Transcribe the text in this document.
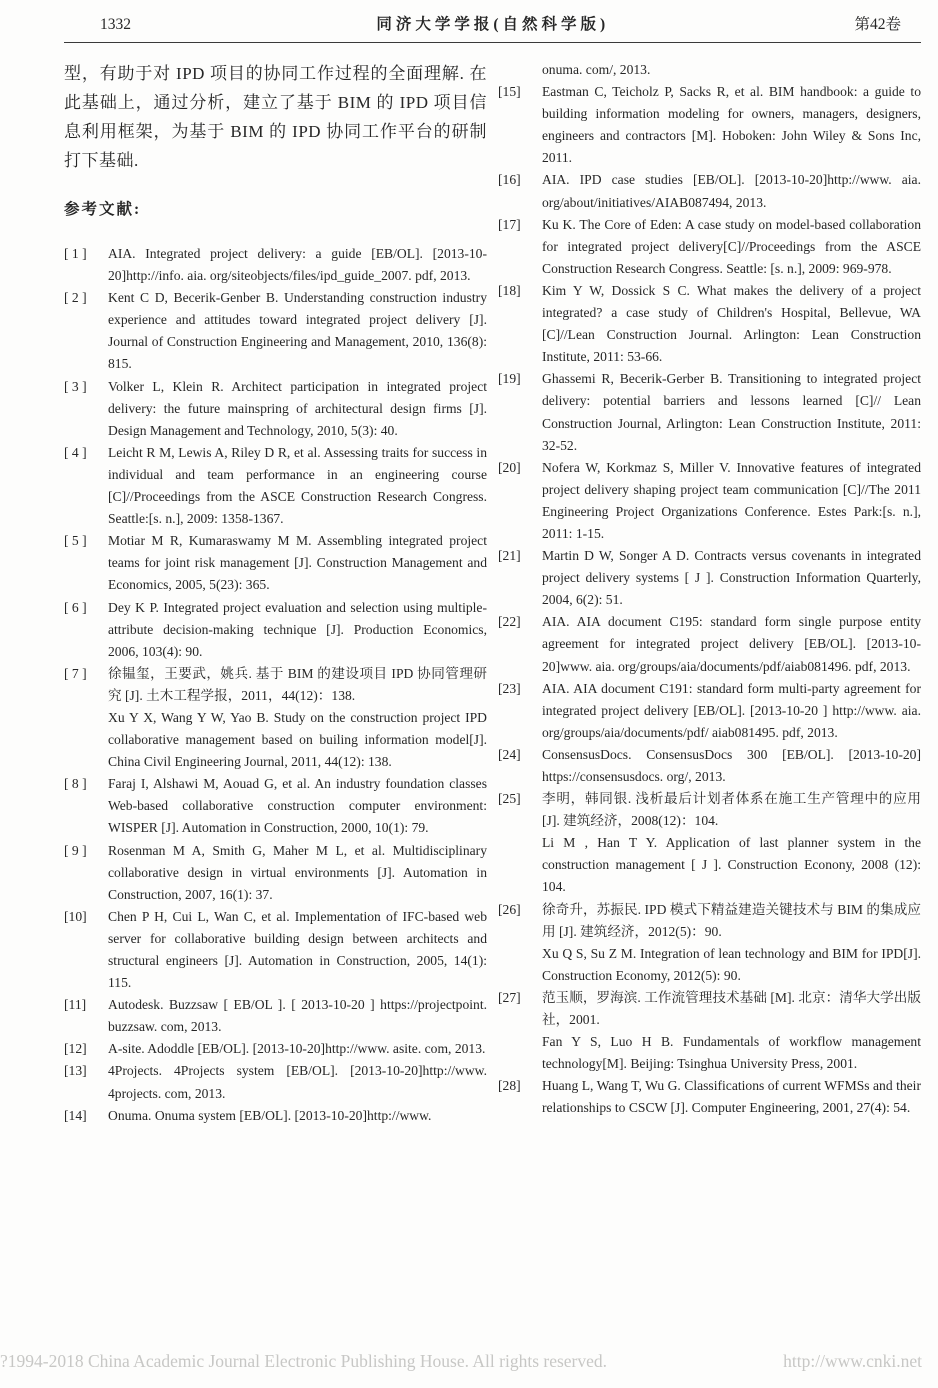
1332	同济大学学报(自然科学版)	第42卷

型，有助于对 IPD 项目的协同工作过程的全面理解. 在此基础上，通过分析，建立了基于 BIM 的 IPD 项目信息利用框架，为基于 BIM 的 IPD 协同工作平台的研制打下基础.

参考文献:
[ 1 ] AIA. Integrated project delivery: a guide [EB/OL]. [2013-10-20]http://info. aia. org/siteobjects/files/ipd_guide_2007. pdf, 2013.

[ 2 ] Kent C D, Becerik-Genber B. Understanding construction industry experience and attitudes toward integrated project delivery [J]. Journal of Construction Engineering and Management, 2010, 136(8): 815.

[ 3 ] Volker L, Klein R. Architect participation in integrated project delivery: the future mainspring of architectural design firms [J]. Design Management and Technology, 2010, 5(3): 40.

[ 4 ] Leicht R M, Lewis A, Riley D R, et al. Assessing traits for success in individual and team performance in an engineering course [C]//Proceedings from the ASCE Construction Research Congress. Seattle:[s. n.], 2009: 1358-1367.

[ 5 ] Motiar M R, Kumaraswamy M M. Assembling integrated project teams for joint risk management [J]. Construction Management and Economics, 2005, 5(23): 365.

[ 6 ] Dey K P. Integrated project evaluation and selection using multiple-attribute decision-making technique [J]. Production Economics, 2006, 103(4): 90.

[ 7 ] 徐韫玺，王要武，姚兵. 基于 BIM 的建设项目 IPD 协同管理研究 [J]. 土木工程学报，2011，44(12)：138.

Xu Y X, Wang Y W, Yao B. Study on the construction project IPD collaborative management based on builing information model[J]. China Civil Engineering Journal, 2011, 44(12): 138.

[ 8 ] Faraj I, Alshawi M, Aouad G, et al. An industry foundation classes Web-based collaborative construction computer environment: WISPER [J]. Automation in Construction, 2000, 10(1): 79.

[ 9 ] Rosenman M A, Smith G, Maher M L, et al. Multidisciplinary collaborative design in virtual environments [J]. Automation in Construction, 2007, 16(1): 37.

[10] Chen P H, Cui L, Wan C, et al. Implementation of IFC-based web server for collaborative building design between architects and structural engineers [J]. Automation in Construction, 2005, 14(1): 115.

[11] Autodesk. Buzzsaw [ EB/OL ]. [ 2013-10-20 ] https://projectpoint. buzzsaw. com, 2013.

[12] A-site. Adoddle [EB/OL]. [2013-10-20]http://www. asite. com, 2013.

[13] 4Projects. 4Projects system [EB/OL]. [2013-10-20]http://www. 4projects. com, 2013.

[14] Onuma. Onuma system [EB/OL]. [2013-10-20]http://www.

onuma. com/, 2013.

[15] Eastman C, Teicholz P, Sacks R, et al. BIM handbook: a guide to building information modeling for owners, managers, designers, engineers and contractors [M]. Hoboken: John Wiley & Sons Inc, 2011.

[16] AIA. IPD case studies [EB/OL]. [2013-10-20]http://www. aia. org/about/initiatives/AIAB087494, 2013.

[17] Ku K. The Core of Eden: A case study on model-based collaboration for integrated project delivery[C]//Proceedings from the ASCE Construction Research Congress. Seattle: [s. n.], 2009: 969-978.

[18] Kim Y W, Dossick S C. What makes the delivery of a project integrated? a case study of Children's Hospital, Bellevue, WA [C]//Lean Construction Journal. Arlington: Lean Construction Institute, 2011: 53-66.

[19] Ghassemi R, Becerik-Gerber B. Transitioning to integrated project delivery: potential barriers and lessons learned [C]// Lean Construction Journal, Arlington: Lean Construction Institute, 2011: 32-52.

[20] Nofera W, Korkmaz S, Miller V. Innovative features of integrated project delivery shaping project team communication [C]//The 2011 Engineering Project Organizations Conference. Estes Park:[s. n.], 2011: 1-15.

[21] Martin D W, Songer A D. Contracts versus covenants in integrated project delivery systems [ J ]. Construction Information Quarterly, 2004, 6(2): 51.

[22] AIA. AIA document C195: standard form single purpose entity agreement for integrated project delivery [EB/OL]. [2013-10-20]www. aia. org/groups/aia/documents/pdf/aiab081496. pdf, 2013.

[23] AIA. AIA document C191: standard form multi-party agreement for integrated project delivery [EB/OL]. [2013-10-20 ] http://www. aia. org/groups/aia/documents/pdf/ aiab081495. pdf, 2013.

[24] ConsensusDocs. ConsensusDocs 300 [EB/OL]. [2013-10-20] https://consensusdocs. org/, 2013.

[25] 李明，韩同银. 浅析最后计划者体系在施工生产管理中的应用 [J]. 建筑经济，2008(12)：104.

Li M , Han T Y. Application of last planner system in the construction management [ J ]. Construction Econony, 2008 (12): 104.

[26] 徐奇升，苏振民. IPD 模式下精益建造关键技术与 BIM 的集成应用 [J]. 建筑经济，2012(5)：90.

Xu Q S, Su Z M. Integration of lean technology and BIM for IPD[J]. Construction Economy, 2012(5): 90.

[27] 范玉顺，罗海滨. 工作流管理技术基础 [M]. 北京：清华大学出版社，2001.

Fan Y S, Luo H B. Fundamentals of workflow management technology[M]. Beijing: Tsinghua University Press, 2001.

[28] Huang L, Wang T, Wu G. Classifications of current WFMSs and their relationships to CSCW [J]. Computer Engineering, 2001, 27(4): 54.

?1994-2018 China Academic Journal Electronic Publishing House. All rights reserved.	http://www.cnki.net
